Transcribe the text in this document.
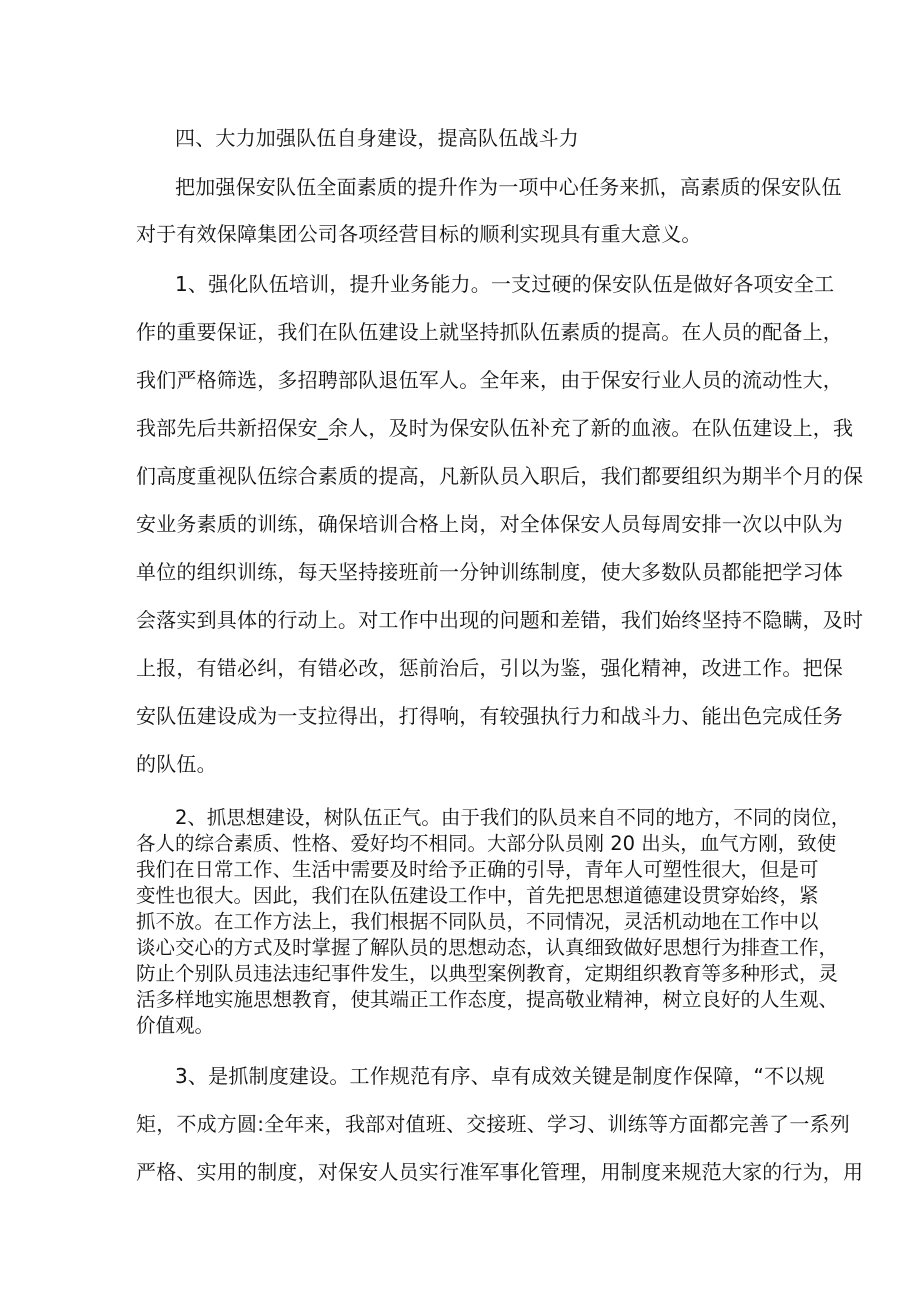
四、大力加强队伍自身建设，提高队伍战斗力

把加强保安队伍全面素质的提升作为一项中心任务来抓，高素质的保安队伍

对于有效保障集团公司各项经营目标的顺利实现具有重大意义。

1、强化队伍培训，提升业务能力。一支过硬的保安队伍是做好各项安全工

作的重要保证，我们在队伍建设上就坚持抓队伍素质的提高。在人员的配备上，

我们严格筛选，多招聘部队退伍军人。全年来，由于保安行业人员的流动性大，

我部先后共新招保安_余人，及时为保安队伍补充了新的血液。在队伍建设上，我

们高度重视队伍综合素质的提高，凡新队员入职后，我们都要组织为期半个月的保

安业务素质的训练，确保培训合格上岗，对全体保安人员每周安排一次以中队为

单位的组织训练，每天坚持接班前一分钟训练制度，使大多数队员都能把学习体

会落实到具体的行动上。对工作中出现的问题和差错，我们始终坚持不隐瞒，及时

上报，有错必纠，有错必改，惩前治后，引以为鉴，强化精神，改进工作。把保

安队伍建设成为一支拉得出，打得响，有较强执行力和战斗力、能出色完成任务

的队伍。

2、抓思想建设，树队伍正气。由于我们的队员来自不同的地方，不同的岗位，

各人的综合素质、性格、爱好均不相同。大部分队员刚 20 出头，血气方刚，致使

我们在日常工作、生活中需要及时给予正确的引导，青年人可塑性很大，但是可

变性也很大。因此，我们在队伍建设工作中，首先把思想道德建设贯穿始终，紧

抓不放。在工作方法上，我们根据不同队员，不同情况，灵活机动地在工作中以

谈心交心的方式及时掌握了解队员的思想动态，认真细致做好思想行为排查工作，

防止个别队员违法违纪事件发生，以典型案例教育，定期组织教育等多种形式，灵

活多样地实施思想教育，使其端正工作态度，提高敬业精神，树立良好的人生观、

价值观。

3、是抓制度建设。工作规范有序、卓有成效关键是制度作保障，“不以规

矩，不成方圆:全年来，我部对值班、交接班、学习、训练等方面都完善了一系列

严格、实用的制度，对保安人员实行准军事化管理，用制度来规范大家的行为，用
